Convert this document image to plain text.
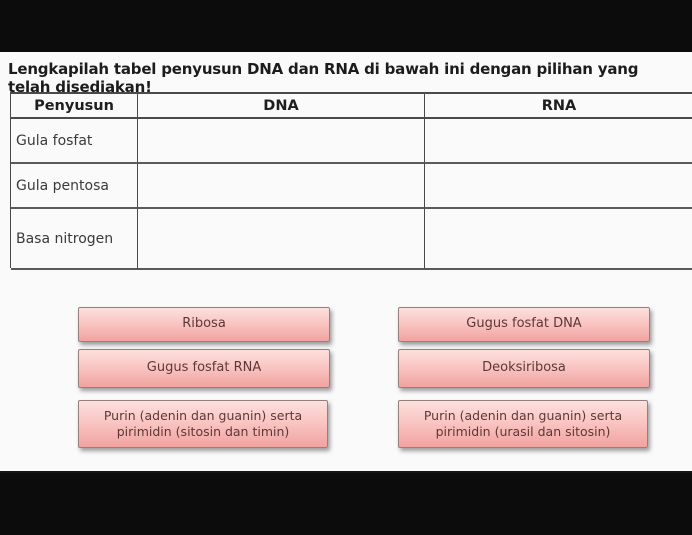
Lengkapilah tabel penyusun DNA dan RNA di bawah ini dengan pilihan yang telah disediakan!
Penyusun	DNA	RNA
Gula fosfat
Gula pentosa
Basa nitrogen
Ribosa	Gugus fosfat DNA
Gugus fosfat RNA	Deoksiribosa
Purin (adenin dan guanin) serta pirimidin (sitosin dan timin)
Purin (adenin dan guanin) serta pirimidin (urasil dan sitosin)
